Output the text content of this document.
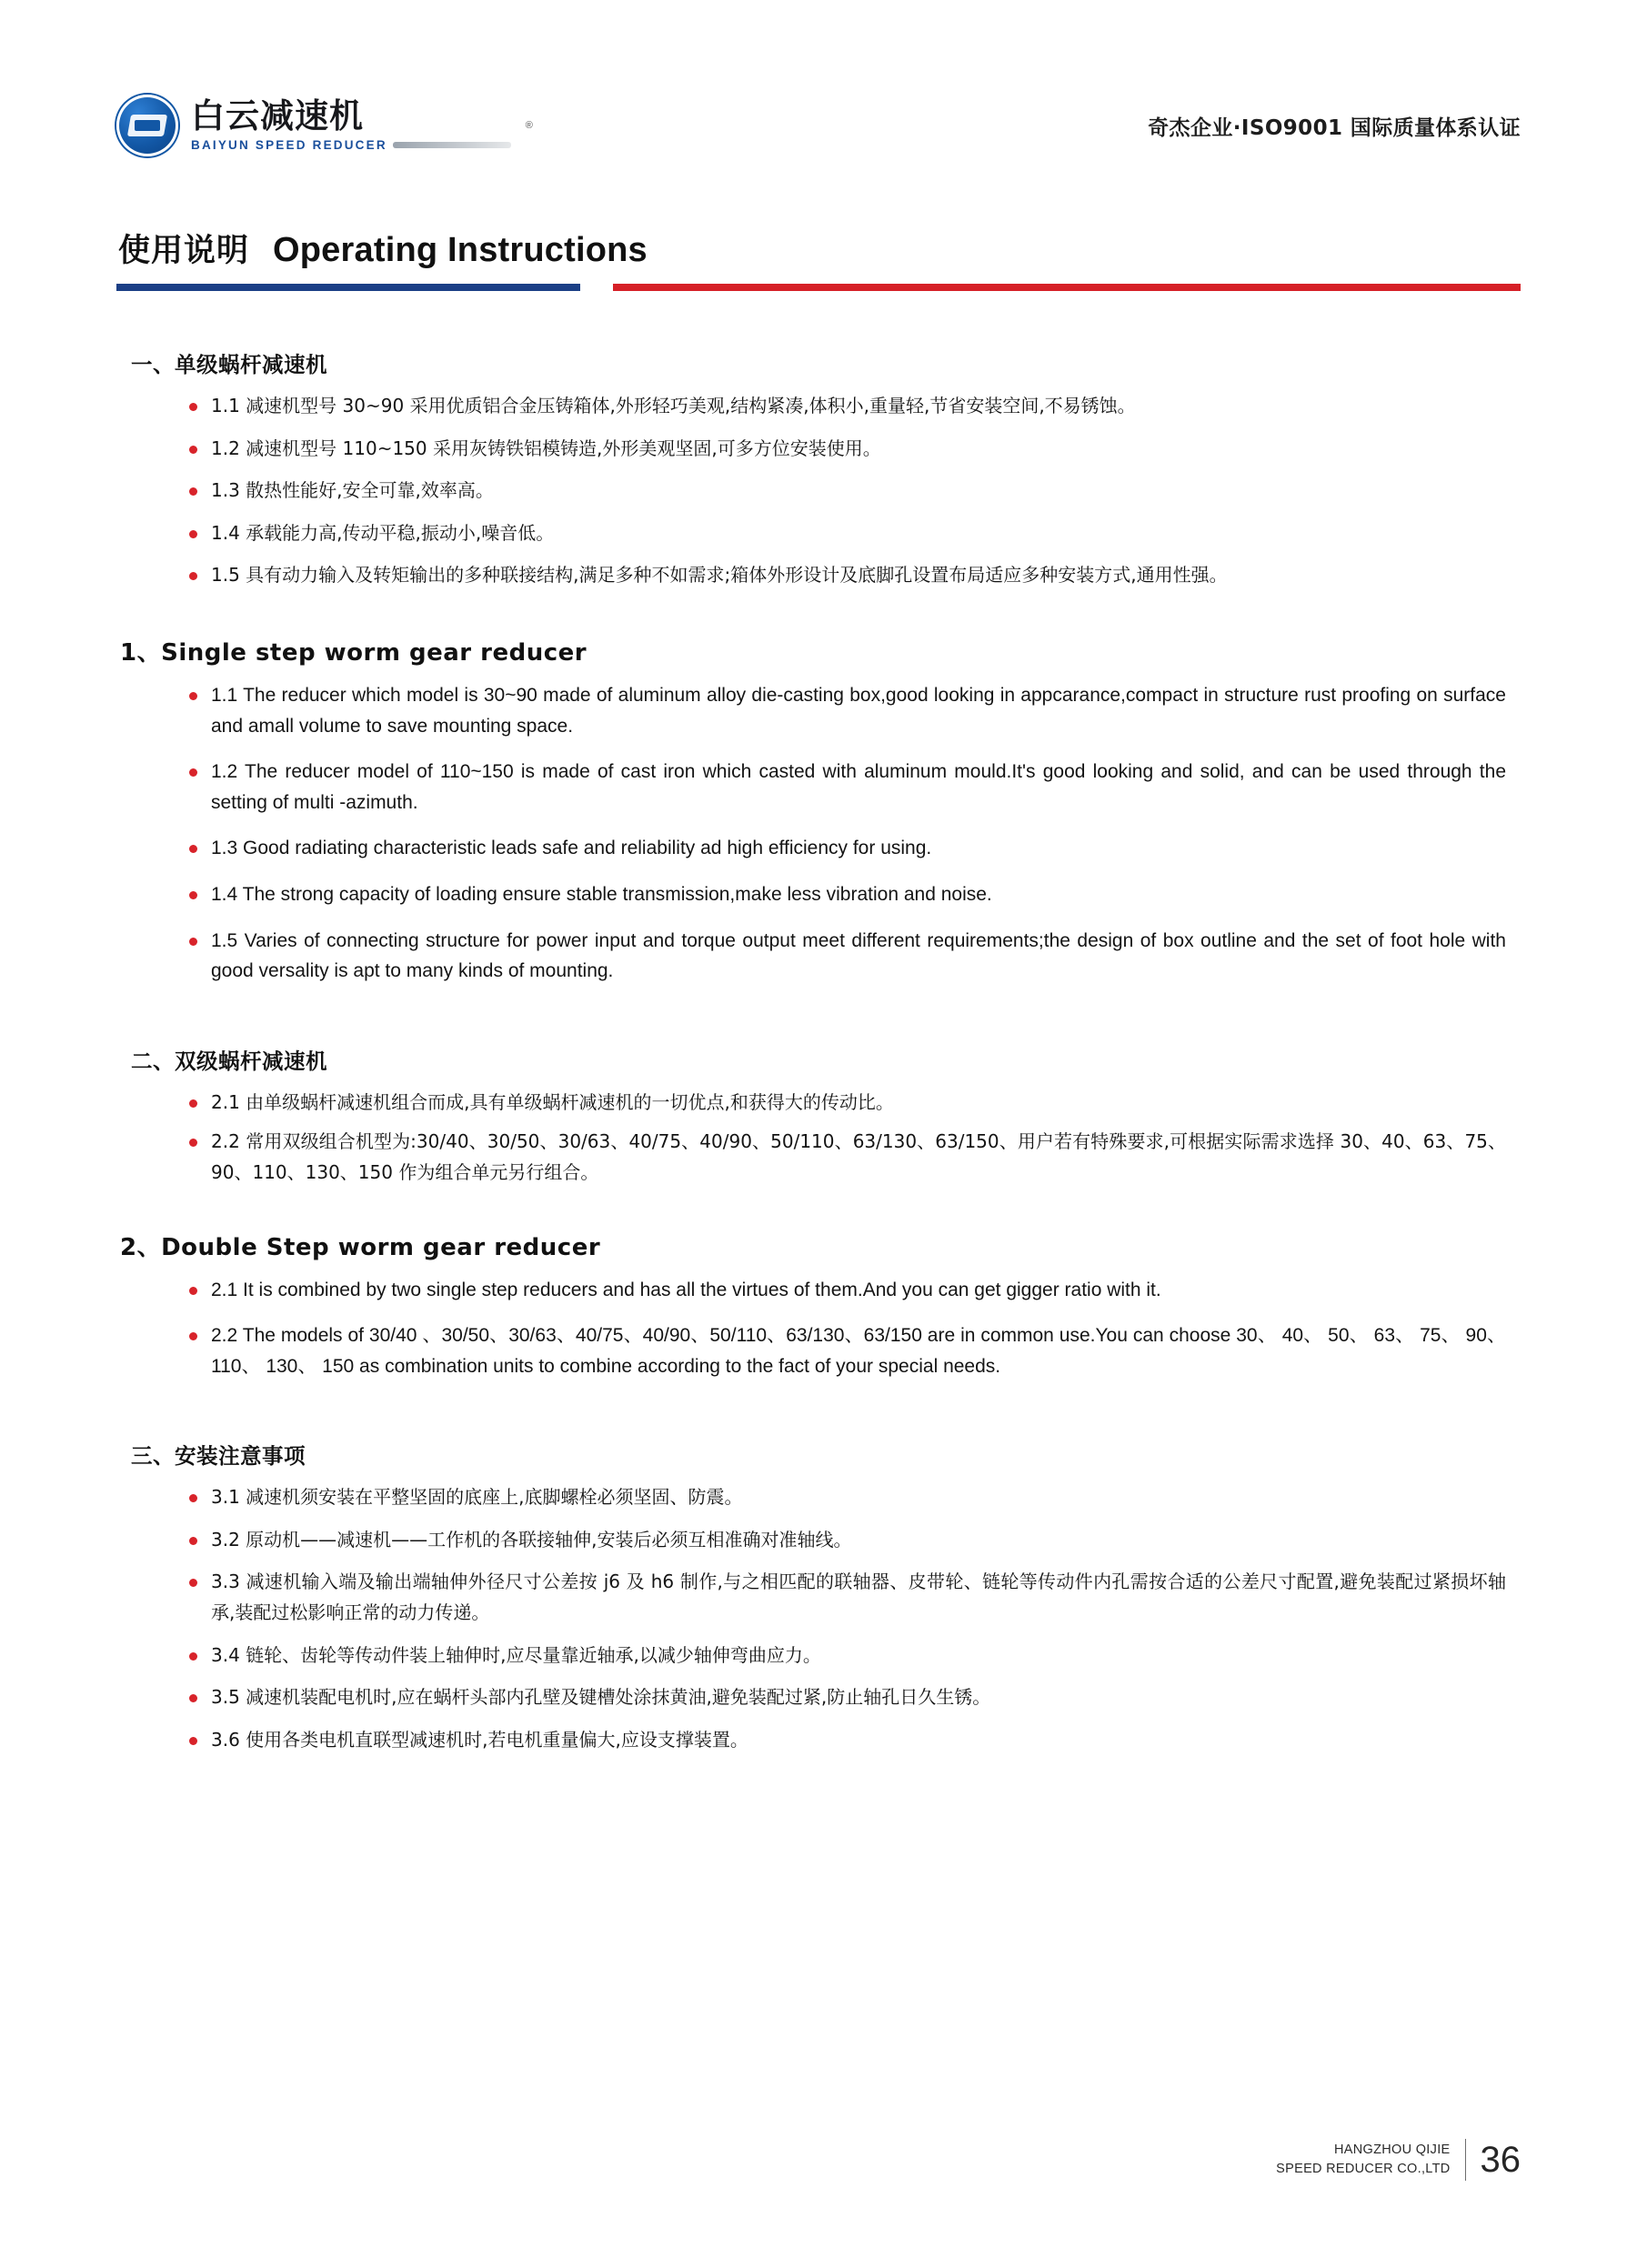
白云减速机
BAIYUN SPEED REDUCER
®	奇杰企业·ISO9001 国际质量体系认证
使用说明 Operating Instructions
一、单级蜗杆减速机
1.1 减速机型号 30~90 采用优质铝合金压铸箱体,外形轻巧美观,结构紧凑,体积小,重量轻,节省安装空间,不易锈蚀。
1.2 减速机型号 110~150 采用灰铸铁铝模铸造,外形美观坚固,可多方位安装使用。
1.3 散热性能好,安全可靠,效率高。
1.4 承载能力高,传动平稳,振动小,噪音低。
1.5 具有动力输入及转矩输出的多种联接结构,满足多种不如需求;箱体外形设计及底脚孔设置布局适应多种安装方式,通用性强。
1、Single step worm gear reducer
1.1 The reducer which model is 30~90 made of aluminum alloy die-casting box,good looking in appcarance,compact in structure rust proofing on surface and amall volume to save mounting space.
1.2 The reducer model of 110~150 is made of cast iron which casted with aluminum mould.It's good looking and solid, and can be used through the setting of multi -azimuth.
1.3 Good radiating characteristic leads safe and reliability ad high efficiency for using.
1.4 The strong capacity of loading ensure stable transmission,make less vibration and noise.
1.5 Varies of connecting structure for power input and torque output meet different requirements;the design of box outline and the set of foot hole with good versality is apt to many kinds of mounting.
二、双级蜗杆减速机
2.1 由单级蜗杆减速机组合而成,具有单级蜗杆减速机的一切优点,和获得大的传动比。
2.2 常用双级组合机型为:30/40、30/50、30/63、40/75、40/90、50/110、63/130、63/150、用户若有特殊要求,可根据实际需求选择 30、40、63、75、90、110、130、150 作为组合单元另行组合。
2、Double Step worm gear reducer
2.1 It is combined by two single step reducers and has all the virtues of them.And you can get gigger ratio with it.
2.2 The models of 30/40 、30/50、30/63、40/75、40/90、50/110、63/130、63/150 are in common use.You can choose 30、 40、 50、 63、 75、 90、 110、 130、 150 as combination units to combine according to the fact of your special needs.
三、安装注意事项
3.1 减速机须安装在平整坚固的底座上,底脚螺栓必须坚固、防震。
3.2 原动机——减速机——工作机的各联接轴伸,安装后必须互相准确对准轴线。
3.3 减速机输入端及输出端轴伸外径尺寸公差按 j6 及 h6 制作,与之相匹配的联轴器、皮带轮、链轮等传动件内孔需按合适的公差尺寸配置,避免装配过紧损坏轴承,装配过松影响正常的动力传递。
3.4 链轮、齿轮等传动件装上轴伸时,应尽量靠近轴承,以减少轴伸弯曲应力。
3.5 减速机装配电机时,应在蜗杆头部内孔壁及键槽处涂抹黄油,避免装配过紧,防止轴孔日久生锈。
3.6 使用各类电机直联型减速机时,若电机重量偏大,应设支撑装置。
HANGZHOU QIJIE
SPEED REDUCER CO.,LTD 36
